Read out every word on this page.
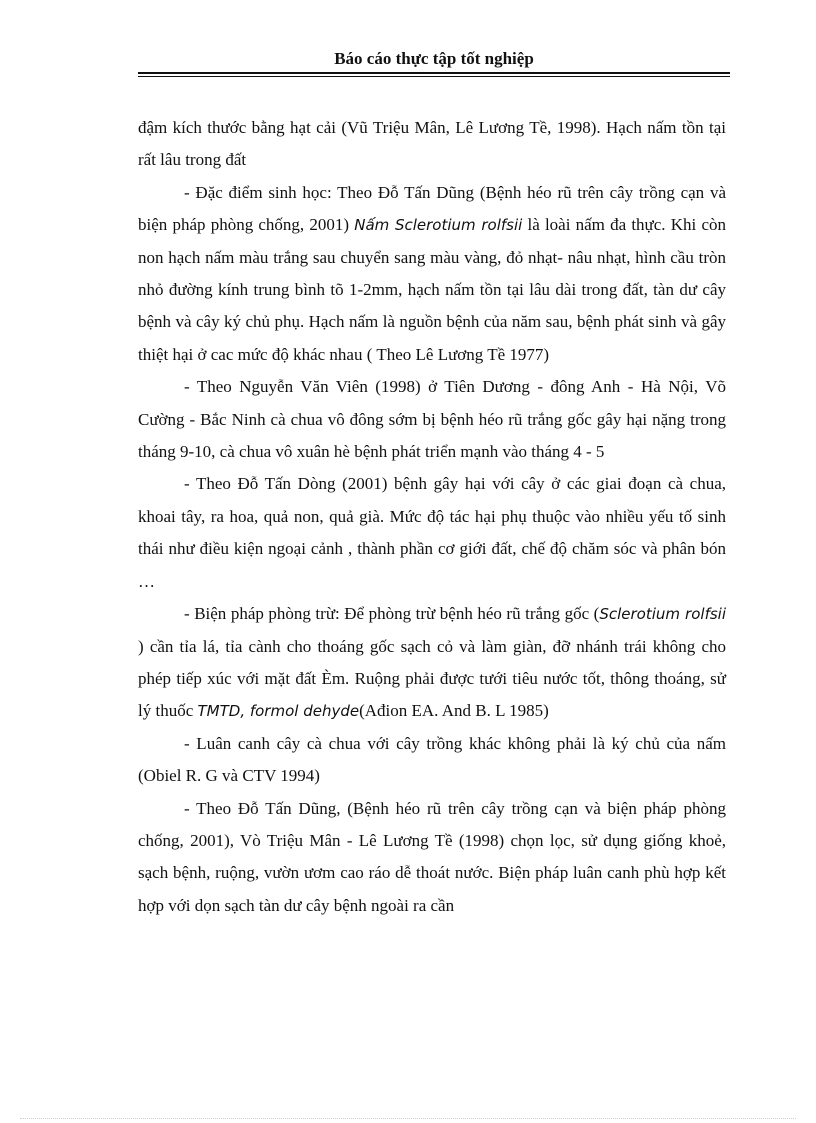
Báo cáo thực tập tốt nghiệp

đậm kích thước bằng hạt cải (Vũ Triệu Mân, Lê Lương Tề, 1998). Hạch nấm tồn tại rất lâu trong đất

- Đặc điểm sinh học: Theo Đỗ Tấn Dũng (Bệnh héo rũ trên cây trồng cạn và biện pháp phòng chống, 2001) Nấm Sclerotium rolfsii là loài nấm đa thực. Khi còn non hạch nấm màu trắng sau chuyển sang màu vàng, đỏ nhạt- nâu nhạt, hình cầu tròn nhỏ đường kính trung bình tõ 1-2mm, hạch nấm tồn tại lâu dài trong đất, tàn dư cây bệnh và cây ký chủ phụ. Hạch nấm là nguồn bệnh của năm sau, bệnh phát sinh và gây thiệt hại ở cac mức độ khác nhau ( Theo Lê Lương Tề 1977)

- Theo Nguyễn Văn Viên (1998) ở Tiên Dương - đông Anh - Hà Nội, Võ Cường - Bắc Ninh cà chua vô đông sớm bị bệnh héo rũ trắng gốc gây hại nặng trong tháng 9-10, cà chua vô xuân hè bệnh phát triển mạnh vào tháng 4 - 5

- Theo Đỗ Tấn Dòng (2001) bệnh gây hại với cây ở các giai đoạn cà chua, khoai tây, ra hoa, quả non, quả già. Mức độ tác hại phụ thuộc vào nhiều yếu tố sinh thái như điều kiện ngoại cảnh , thành phần cơ giới đất, chế độ chăm sóc và phân bón …

- Biện pháp phòng trừ: Để phòng trừ bệnh héo rũ trắng gốc (Sclerotium rolfsii ) cần tỉa lá, tỉa cành cho thoáng gốc sạch cỏ và làm giàn, đỡ nhánh trái không cho phép tiếp xúc với mặt đất Èm. Ruộng phải được tưới tiêu nước tốt, thông thoáng, sử lý thuốc TMTD, formol dehyde(Ađion EA. And B. L 1985)

- Luân canh cây cà chua với cây trồng khác không phải là ký chủ của nấm (Obiel R. G và CTV 1994)

- Theo Đỗ Tấn Dũng, (Bệnh héo rũ trên cây trồng cạn và biện pháp phòng chống, 2001), Vò Triệu Mân - Lê Lương Tề (1998) chọn lọc, sử dụng giống khoẻ, sạch bệnh, ruộng, vườn ươm cao ráo dễ thoát nước. Biện pháp luân canh phù hợp kết hợp với dọn sạch tàn dư cây bệnh ngoài ra cần
